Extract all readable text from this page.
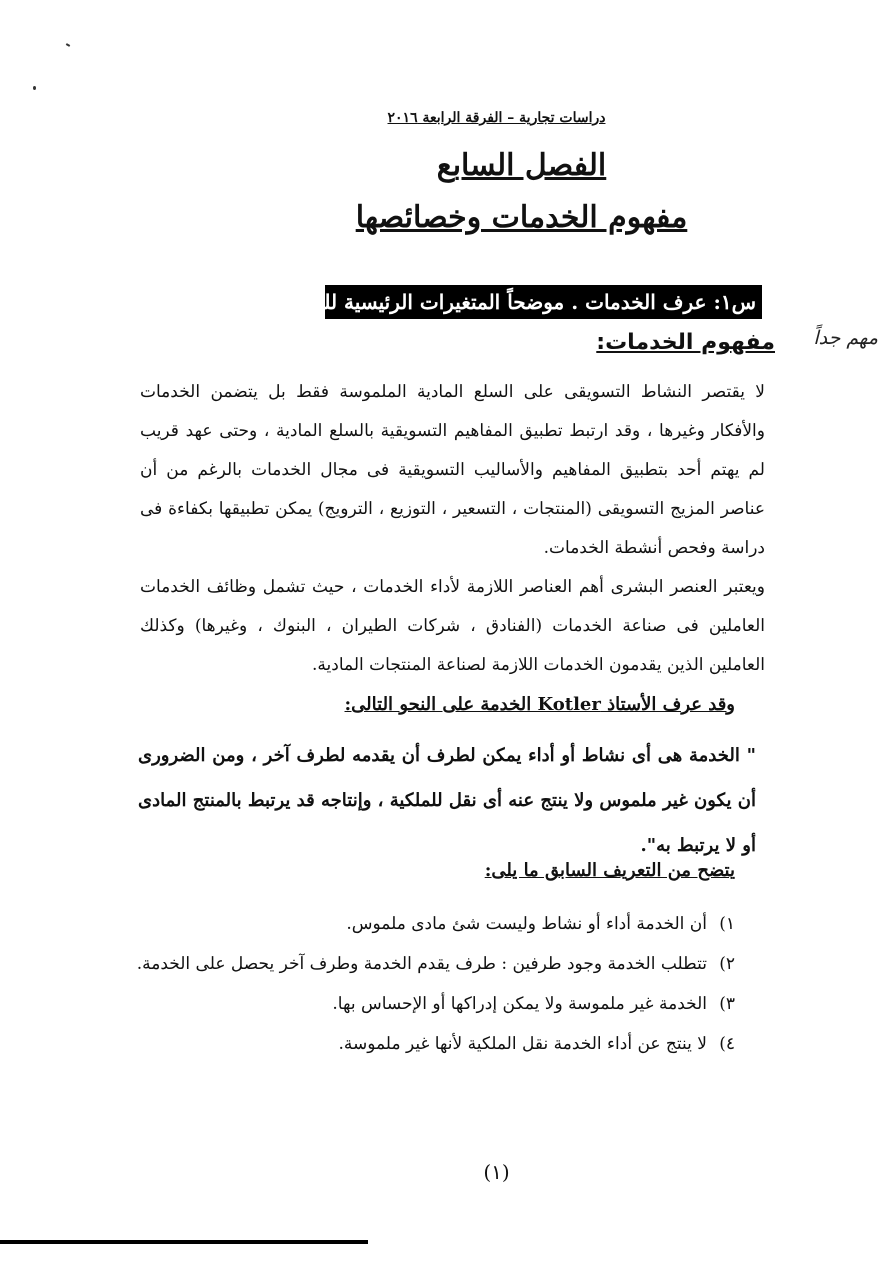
دراسات تجارية – الفرقة الرابعة ٢٠١٦
الفصل السابع
مفهوم الخدمات وخصائصها
س١: عرف الخدمات . موضحاً المتغيرات الرئيسية للخدمات؟
مفهوم الخدمات: مهم جداً
لا يقتصر النشاط التسويقى على السلع المادية الملموسة فقط بل يتضمن الخدمات والأفكار وغيرها ، وقد ارتبط تطبيق المفاهيم التسويقية بالسلع المادية ، وحتى عهد قريب لم يهتم أحد بتطبيق المفاهيم والأساليب التسويقية فى مجال الخدمات بالرغم من أن عناصر المزيج التسويقى (المنتجات ، التسعير ، التوزيع ، الترويج) يمكن تطبيقها بكفاءة فى دراسة وفحص أنشطة الخدمات.
ويعتبر العنصر البشرى أهم العناصر اللازمة لأداء الخدمات ، حيث تشمل وظائف الخدمات العاملين فى صناعة الخدمات (الفنادق ، شركات الطيران ، البنوك ، وغيرها) وكذلك العاملين الذين يقدمون الخدمات اللازمة لصناعة المنتجات المادية.
وقد عرف الأستاذ Kotler الخدمة على النحو التالى:
" الخدمة هى أى نشاط أو أداء يمكن لطرف أن يقدمه لطرف آخر ، ومن الضرورى أن يكون غير ملموس ولا ينتج عنه أى نقل للملكية ، وإنتاجه قد يرتبط بالمنتج المادى أو لا يرتبط به".
يتضح من التعريف السابق ما يلى:
١)
أن الخدمة أداء أو نشاط وليست شئ مادى ملموس.
٢)
تتطلب الخدمة وجود طرفين : طرف يقدم الخدمة وطرف آخر يحصل على الخدمة.
٣)
الخدمة غير ملموسة ولا يمكن إدراكها أو الإحساس بها.
٤)
لا ينتج عن أداء الخدمة نقل الملكية لأنها غير ملموسة.
(١)
